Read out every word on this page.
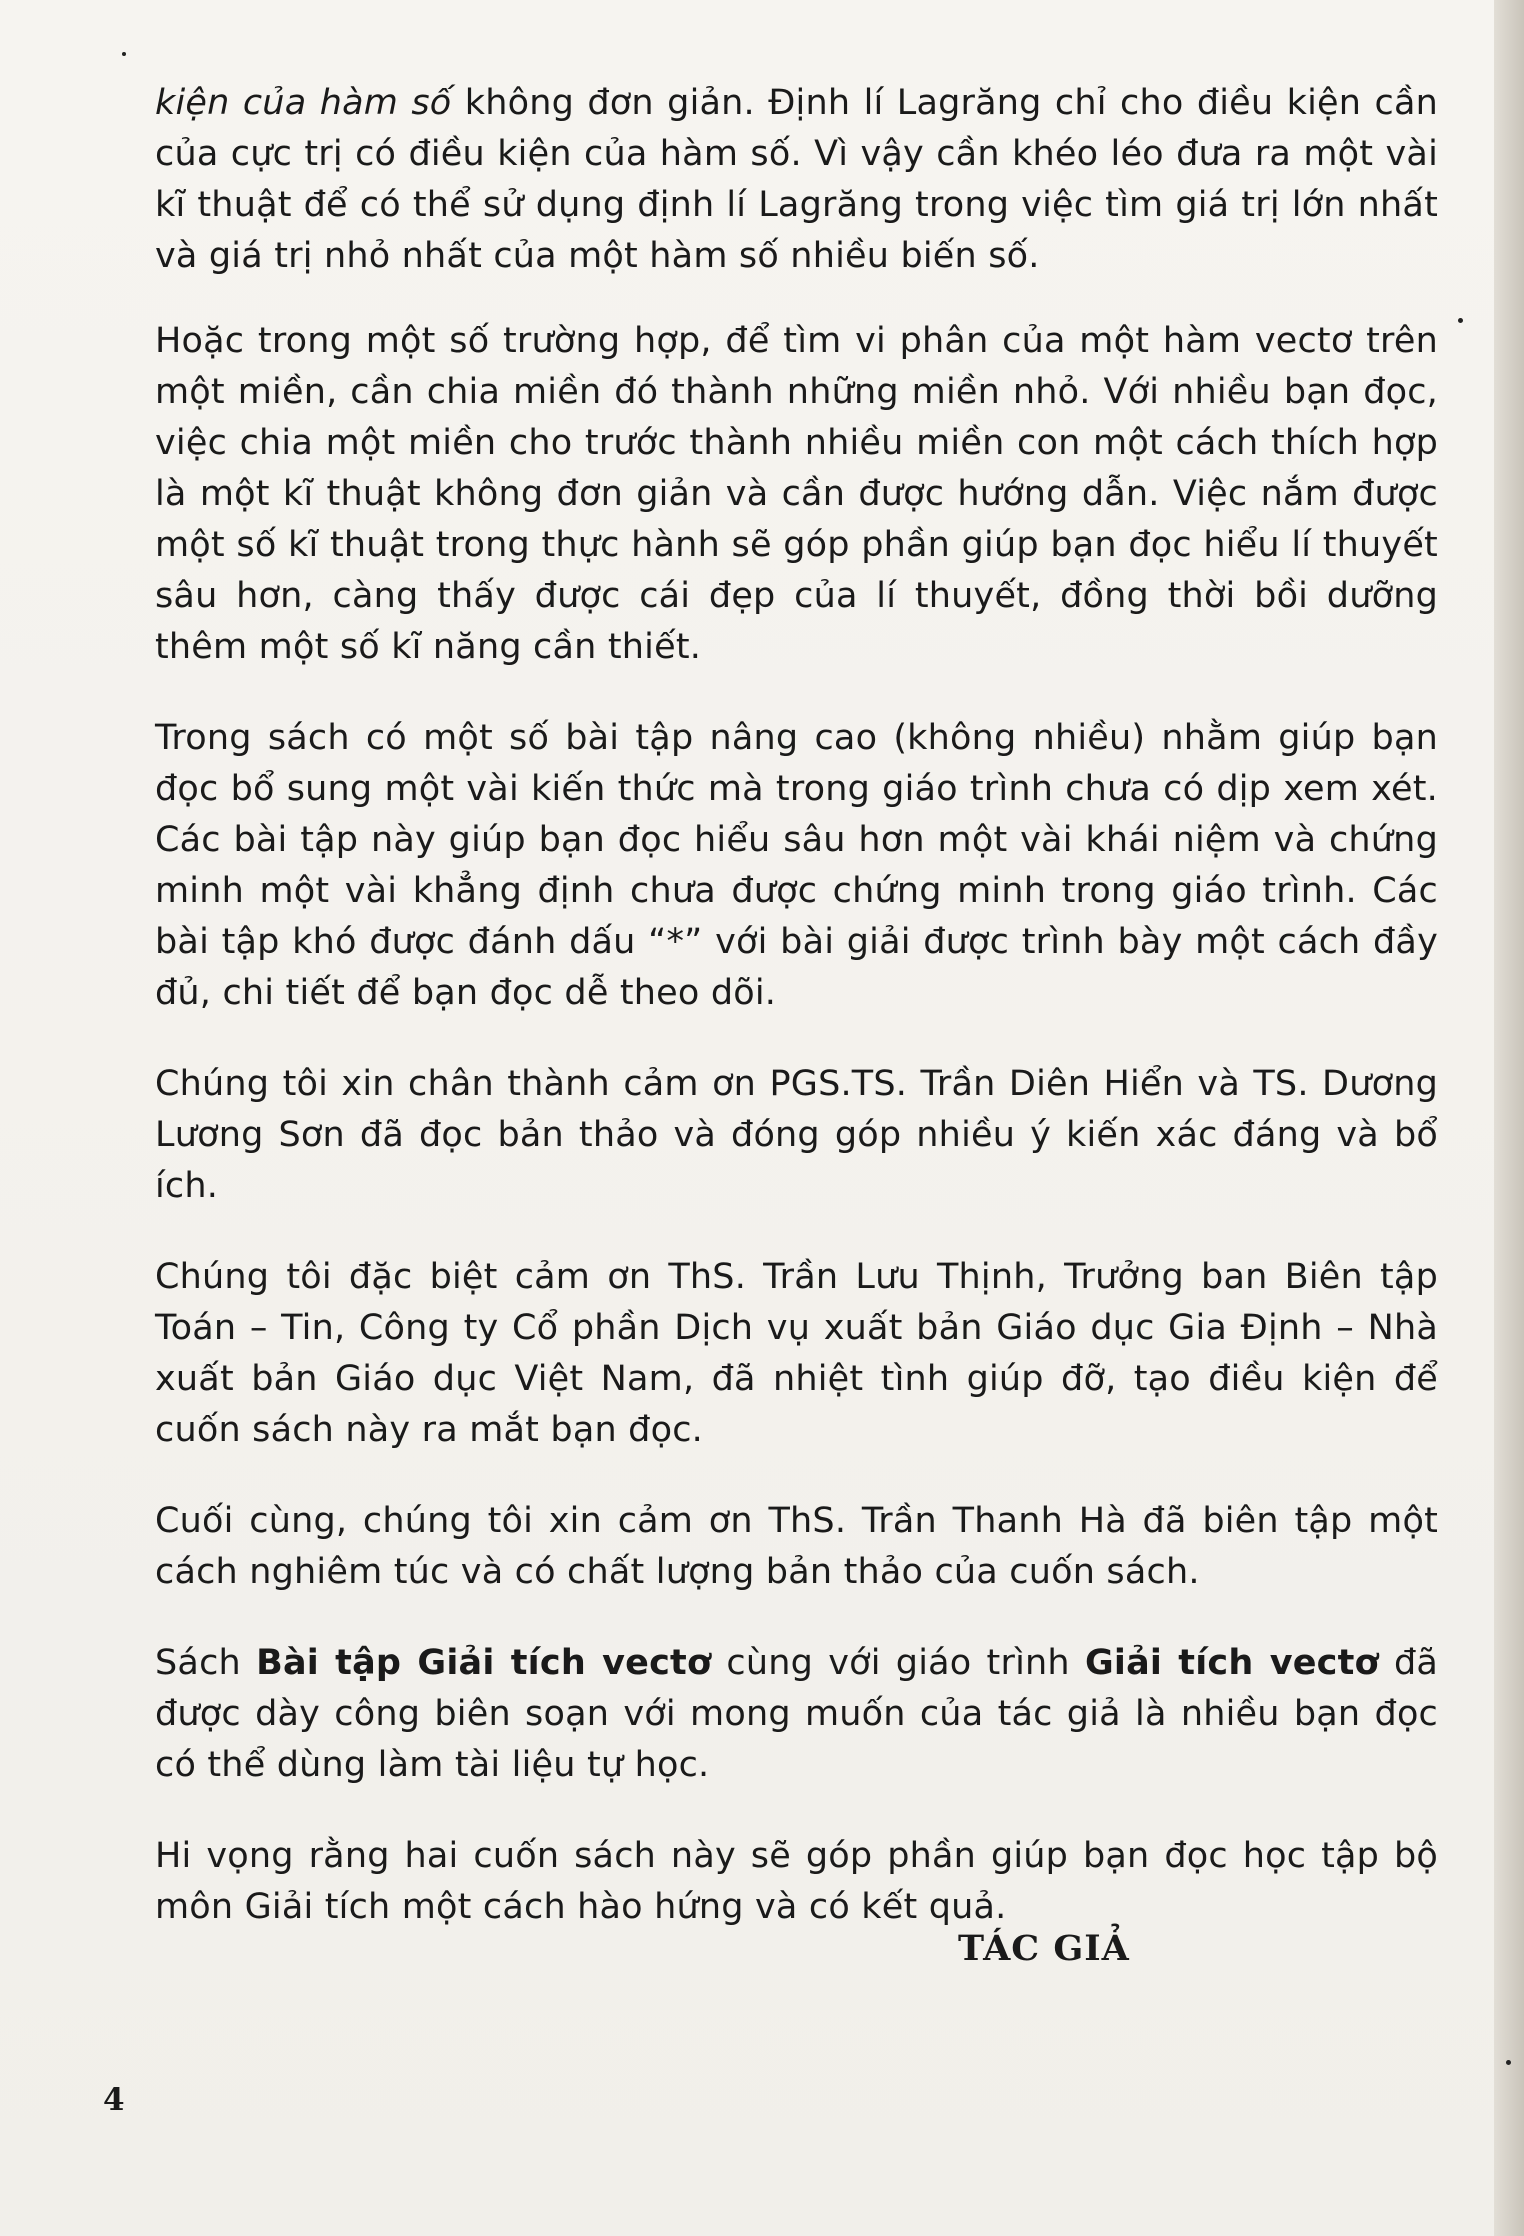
kiện của hàm số không đơn giản. Định lí Lagrăng chỉ cho điều kiện cần của cực trị có điều kiện của hàm số. Vì vậy cần khéo léo đưa ra một vài kĩ thuật để có thể sử dụng định lí Lagrăng trong việc tìm giá trị lớn nhất và giá trị nhỏ nhất của một hàm số nhiều biến số.

Hoặc trong một số trường hợp, để tìm vi phân của một hàm vectơ trên một miền, cần chia miền đó thành những miền nhỏ. Với nhiều bạn đọc, việc chia một miền cho trước thành nhiều miền con một cách thích hợp là một kĩ thuật không đơn giản và cần được hướng dẫn. Việc nắm được một số kĩ thuật trong thực hành sẽ góp phần giúp bạn đọc hiểu lí thuyết sâu hơn, càng thấy được cái đẹp của lí thuyết, đồng thời bồi dưỡng thêm một số kĩ năng cần thiết.

Trong sách có một số bài tập nâng cao (không nhiều) nhằm giúp bạn đọc bổ sung một vài kiến thức mà trong giáo trình chưa có dịp xem xét. Các bài tập này giúp bạn đọc hiểu sâu hơn một vài khái niệm và chứng minh một vài khẳng định chưa được chứng minh trong giáo trình. Các bài tập khó được đánh dấu “*” với bài giải được trình bày một cách đầy đủ, chi tiết để bạn đọc dễ theo dõi.

Chúng tôi xin chân thành cảm ơn PGS.TS. Trần Diên Hiển và TS. Dương Lương Sơn đã đọc bản thảo và đóng góp nhiều ý kiến xác đáng và bổ ích.

Chúng tôi đặc biệt cảm ơn ThS. Trần Lưu Thịnh, Trưởng ban Biên tập Toán – Tin, Công ty Cổ phần Dịch vụ xuất bản Giáo dục Gia Định – Nhà xuất bản Giáo dục Việt Nam, đã nhiệt tình giúp đỡ, tạo điều kiện để cuốn sách này ra mắt bạn đọc.

Cuối cùng, chúng tôi xin cảm ơn ThS. Trần Thanh Hà đã biên tập một cách nghiêm túc và có chất lượng bản thảo của cuốn sách.

Sách Bài tập Giải tích vectơ cùng với giáo trình Giải tích vectơ đã được dày công biên soạn với mong muốn của tác giả là nhiều bạn đọc có thể dùng làm tài liệu tự học.

Hi vọng rằng hai cuốn sách này sẽ góp phần giúp bạn đọc học tập bộ môn Giải tích một cách hào hứng và có kết quả.

TÁC GIẢ
4
